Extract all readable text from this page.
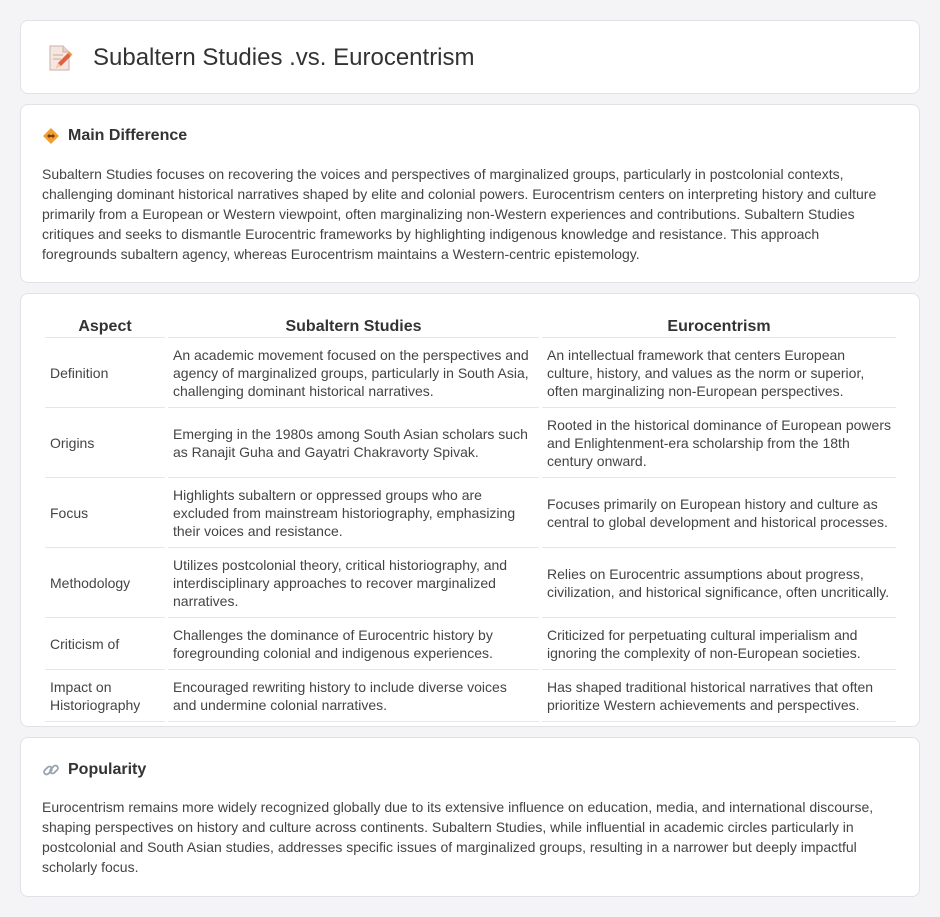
Subaltern Studies .vs. Eurocentrism
Main Difference

Subaltern Studies focuses on recovering the voices and perspectives of marginalized groups, particularly in postcolonial contexts, challenging dominant historical narratives shaped by elite and colonial powers. Eurocentrism centers on interpreting history and culture primarily from a European or Western viewpoint, often marginalizing non-Western experiences and contributions. Subaltern Studies critiques and seeks to dismantle Eurocentric frameworks by highlighting indigenous knowledge and resistance. This approach foregrounds subaltern agency, whereas Eurocentrism maintains a Western-centric epistemology.

Aspect	Subaltern Studies	Eurocentrism
Definition	An academic movement focused on the perspectives and agency of marginalized groups, particularly in South Asia, challenging dominant historical narratives.	An intellectual framework that centers European culture, history, and values as the norm or superior, often marginalizing non-European perspectives.
Origins	Emerging in the 1980s among South Asian scholars such as Ranajit Guha and Gayatri Chakravorty Spivak.	Rooted in the historical dominance of European powers and Enlightenment-era scholarship from the 18th century onward.
Focus	Highlights subaltern or oppressed groups who are excluded from mainstream historiography, emphasizing their voices and resistance.	Focuses primarily on European history and culture as central to global development and historical processes.
Methodology	Utilizes postcolonial theory, critical historiography, and interdisciplinary approaches to recover marginalized narratives.	Relies on Eurocentric assumptions about progress, civilization, and historical significance, often uncritically.
Criticism of	Challenges the dominance of Eurocentric history by foregrounding colonial and indigenous experiences.	Criticized for perpetuating cultural imperialism and ignoring the complexity of non-European societies.
Impact on Historiography	Encouraged rewriting history to include diverse voices and undermine colonial narratives.	Has shaped traditional historical narratives that often prioritize Western achievements and perspectives.
Popularity

Eurocentrism remains more widely recognized globally due to its extensive influence on education, media, and international discourse, shaping perspectives on history and culture across continents. Subaltern Studies, while influential in academic circles particularly in postcolonial and South Asian studies, addresses specific issues of marginalized groups, resulting in a narrower but deeply impactful scholarly focus.
